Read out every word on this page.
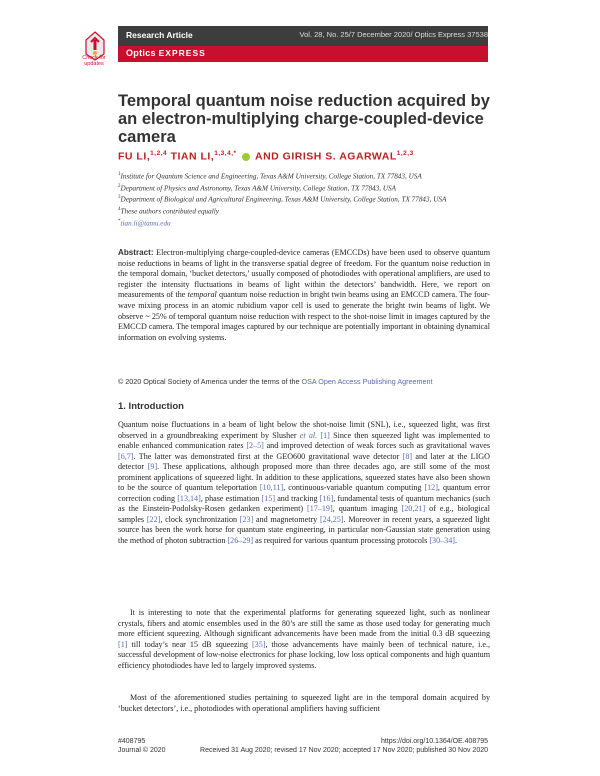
Check for updates
Research Article	Vol. 28, No. 25/7 December 2020/ Optics Express 37538
Optics EXPRESS
Temporal quantum noise reduction acquired by an electron-multiplying charge-coupled-device camera
FU LI,$^{1,2,4}$ TIAN LI,$^{1,3,4,*}$ AND GIRISH S. AGARWAL$^{1,2,3}$
$^1$Institute for Quantum Science and Engineering, Texas A&M University, College Station, TX 77843, USA
$^2$Department of Physics and Astronomy, Texas A&M University, College Station, TX 77843, USA
$^3$Department of Biological and Agricultural Engineering, Texas A&M University, College Station, TX 77843, USA
$^4$These authors contributed equally
*tian.li@tamu.edu
Abstract: Electron-multiplying charge-coupled-device cameras (EMCCDs) have been used to observe quantum noise reductions in beams of light in the transverse spatial degree of freedom. For the quantum noise reduction in the temporal domain, ‘bucket detectors,’ usually composed of photodiodes with operational amplifiers, are used to register the intensity fluctuations in beams of light within the detectors’ bandwidth. Here, we report on measurements of the temporal quantum noise reduction in bright twin beams using an EMCCD camera. The four-wave mixing process in an atomic rubidium vapor cell is used to generate the bright twin beams of light. We observe ~ 25% of temporal quantum noise reduction with respect to the shot-noise limit in images captured by the EMCCD camera. The temporal images captured by our technique are potentially important in obtaining dynamical information on evolving systems.
© 2020 Optical Society of America under the terms of the OSA Open Access Publishing Agreement
1. Introduction
Quantum noise fluctuations in a beam of light below the shot-noise limit (SNL), i.e., squeezed light, was first observed in a groundbreaking experiment by Slusher et al. [1] Since then squeezed light was implemented to enable enhanced communication rates [2–5] and improved detection of weak forces such as gravitational waves [6,7]. The latter was demonstrated first at the GEO600 gravitational wave detector [8] and later at the LIGO detector [9]. These applications, although proposed more than three decades ago, are still some of the most prominent applications of squeezed light. In addition to these applications, squeezed states have also been shown to be the source of quantum teleportation [10,11], continuous-variable quantum computing [12], quantum error correction coding [13,14], phase estimation [15] and tracking [16], fundamental tests of quantum mechanics (such as the Einstein-Podolsky-Rosen gedanken experiment) [17–19], quantum imaging [20,21] of e.g., biological samples [22], clock synchronization [23] and magnetometry [24,25]. Moreover in recent years, a squeezed light source has been the work horse for quantum state engineering, in particular non-Gaussian state generation using the method of photon subtraction [26–29] as required for various quantum processing protocols [30–34].
It is interesting to note that the experimental platforms for generating squeezed light, such as nonlinear crystals, fibers and atomic ensembles used in the 80’s are still the same as those used today for generating much more efficient squeezing. Although significant advancements have been made from the initial 0.3 dB squeezing [1] till today’s near 15 dB squeezing [35], those advancements have mainly been of technical nature, i.e., successful development of low-noise electronics for phase locking, low loss optical components and high quantum efficiency photodiodes have led to largely improved systems.
Most of the aforementioned studies pertaining to squeezed light are in the temporal domain acquired by ‘bucket detectors’, i.e., photodiodes with operational amplifiers having sufficient
#408795
Journal © 2020
https://doi.org/10.1364/OE.408795
Received 31 Aug 2020; revised 17 Nov 2020; accepted 17 Nov 2020; published 30 Nov 2020
